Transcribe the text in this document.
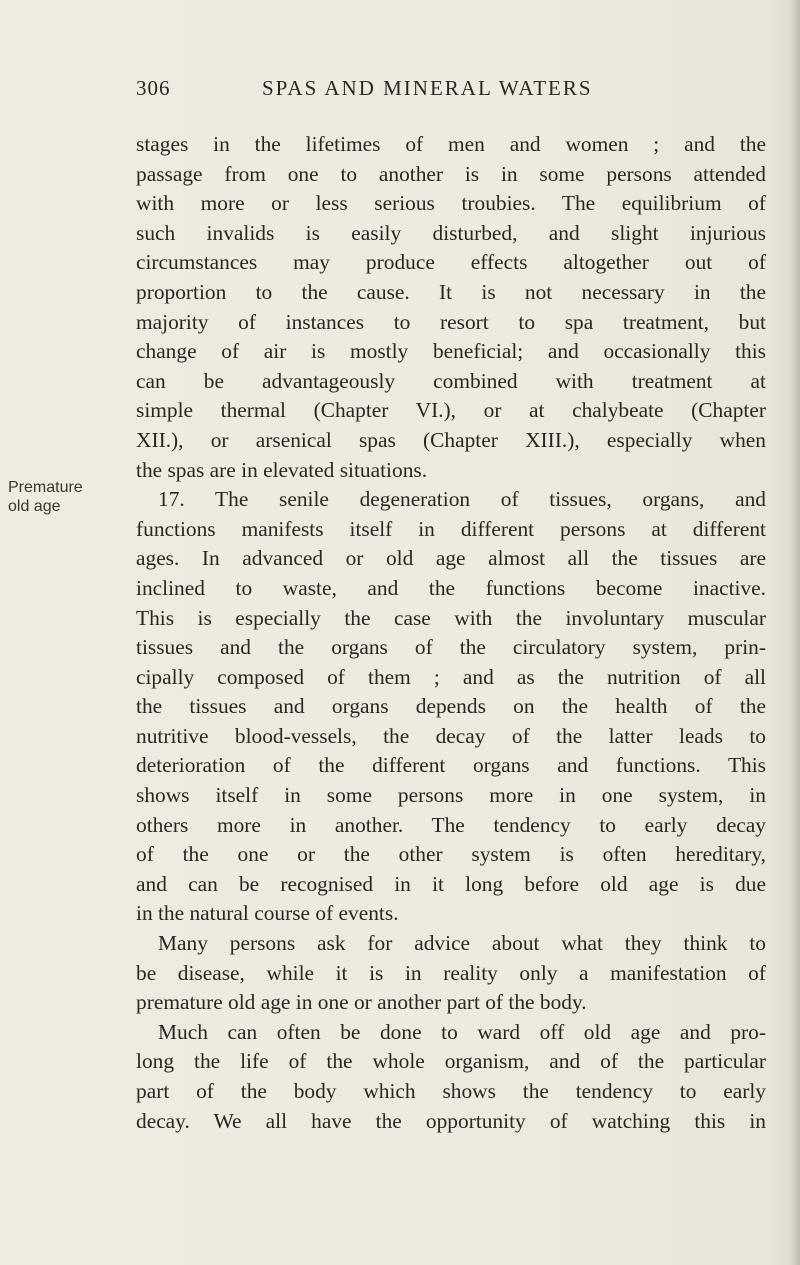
306	SPAS AND MINERAL WATERS
Premature
old age
stages in the lifetimes of men and women ; and the
passage from one to another is in some persons attended
with more or less serious troubies. The equilibrium of
such invalids is easily disturbed, and slight injurious
circumstances may produce effects altogether out of
proportion to the cause. It is not necessary in the
majority of instances to resort to spa treatment, but
change of air is mostly beneficial; and occasionally this
can be advantageously combined with treatment at
simple thermal (Chapter VI.), or at chalybeate (Chapter
XII.), or arsenical spas (Chapter XIII.), especially when
the spas are in elevated situations.
17. The senile degeneration of tissues, organs, and
functions manifests itself in different persons at different
ages. In advanced or old age almost all the tissues are
inclined to waste, and the functions become inactive.
This is especially the case with the involuntary muscular
tissues and the organs of the circulatory system, prin-
cipally composed of them ; and as the nutrition of all
the tissues and organs depends on the health of the
nutritive blood-vessels, the decay of the latter leads to
deterioration of the different organs and functions. This
shows itself in some persons more in one system, in
others more in another. The tendency to early decay
of the one or the other system is often hereditary,
and can be recognised in it long before old age is due
in the natural course of events.
Many persons ask for advice about what they think to
be disease, while it is in reality only a manifestation of
premature old age in one or another part of the body.
Much can often be done to ward off old age and pro-
long the life of the whole organism, and of the particular
part of the body which shows the tendency to early
decay. We all have the opportunity of watching this in
